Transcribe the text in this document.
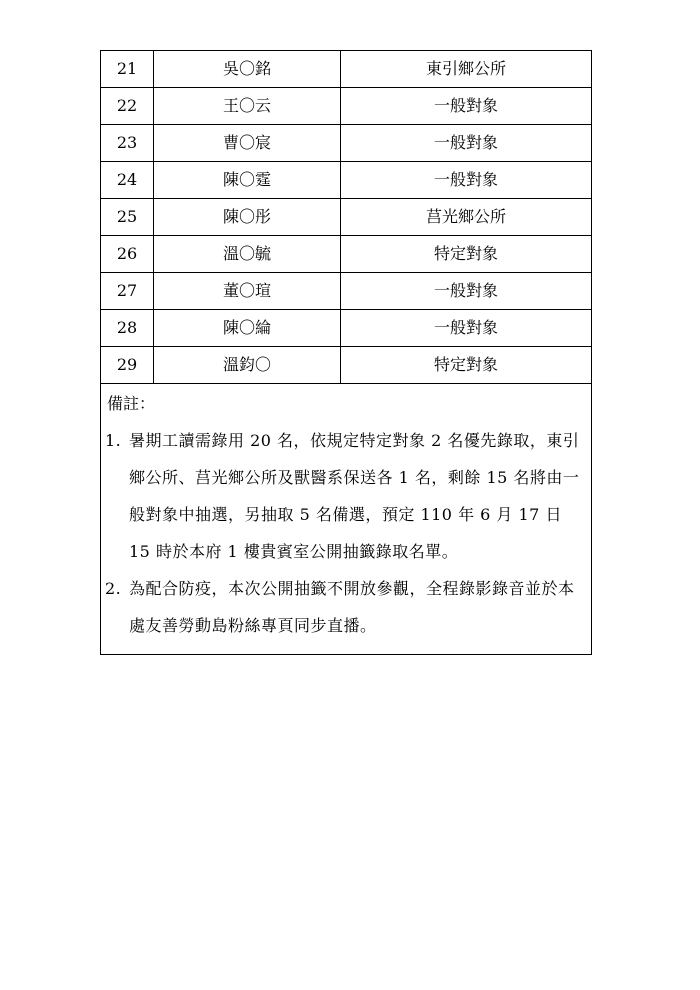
21	吳〇銘	東引鄉公所
22	王〇云	一般對象
23	曹〇宸	一般對象
24	陳〇霆	一般對象
25	陳〇彤	莒光鄉公所
26	溫〇毓	特定對象
27	董〇瑄	一般對象
28	陳〇綸	一般對象
29	溫鈞〇	特定對象

備註：
1. 暑期工讀需錄用 20 名，依規定特定對象 2 名優先錄取，東引鄉公所、莒光鄉公所及獸醫系保送各 1 名，剩餘 15 名將由一般對象中抽選，另抽取 5 名備選，預定 110 年 6 月 17 日 15 時於本府 1 樓貴賓室公開抽籤錄取名單。
2. 為配合防疫，本次公開抽籤不開放參觀，全程錄影錄音並於本處友善勞動島粉絲專頁同步直播。		
